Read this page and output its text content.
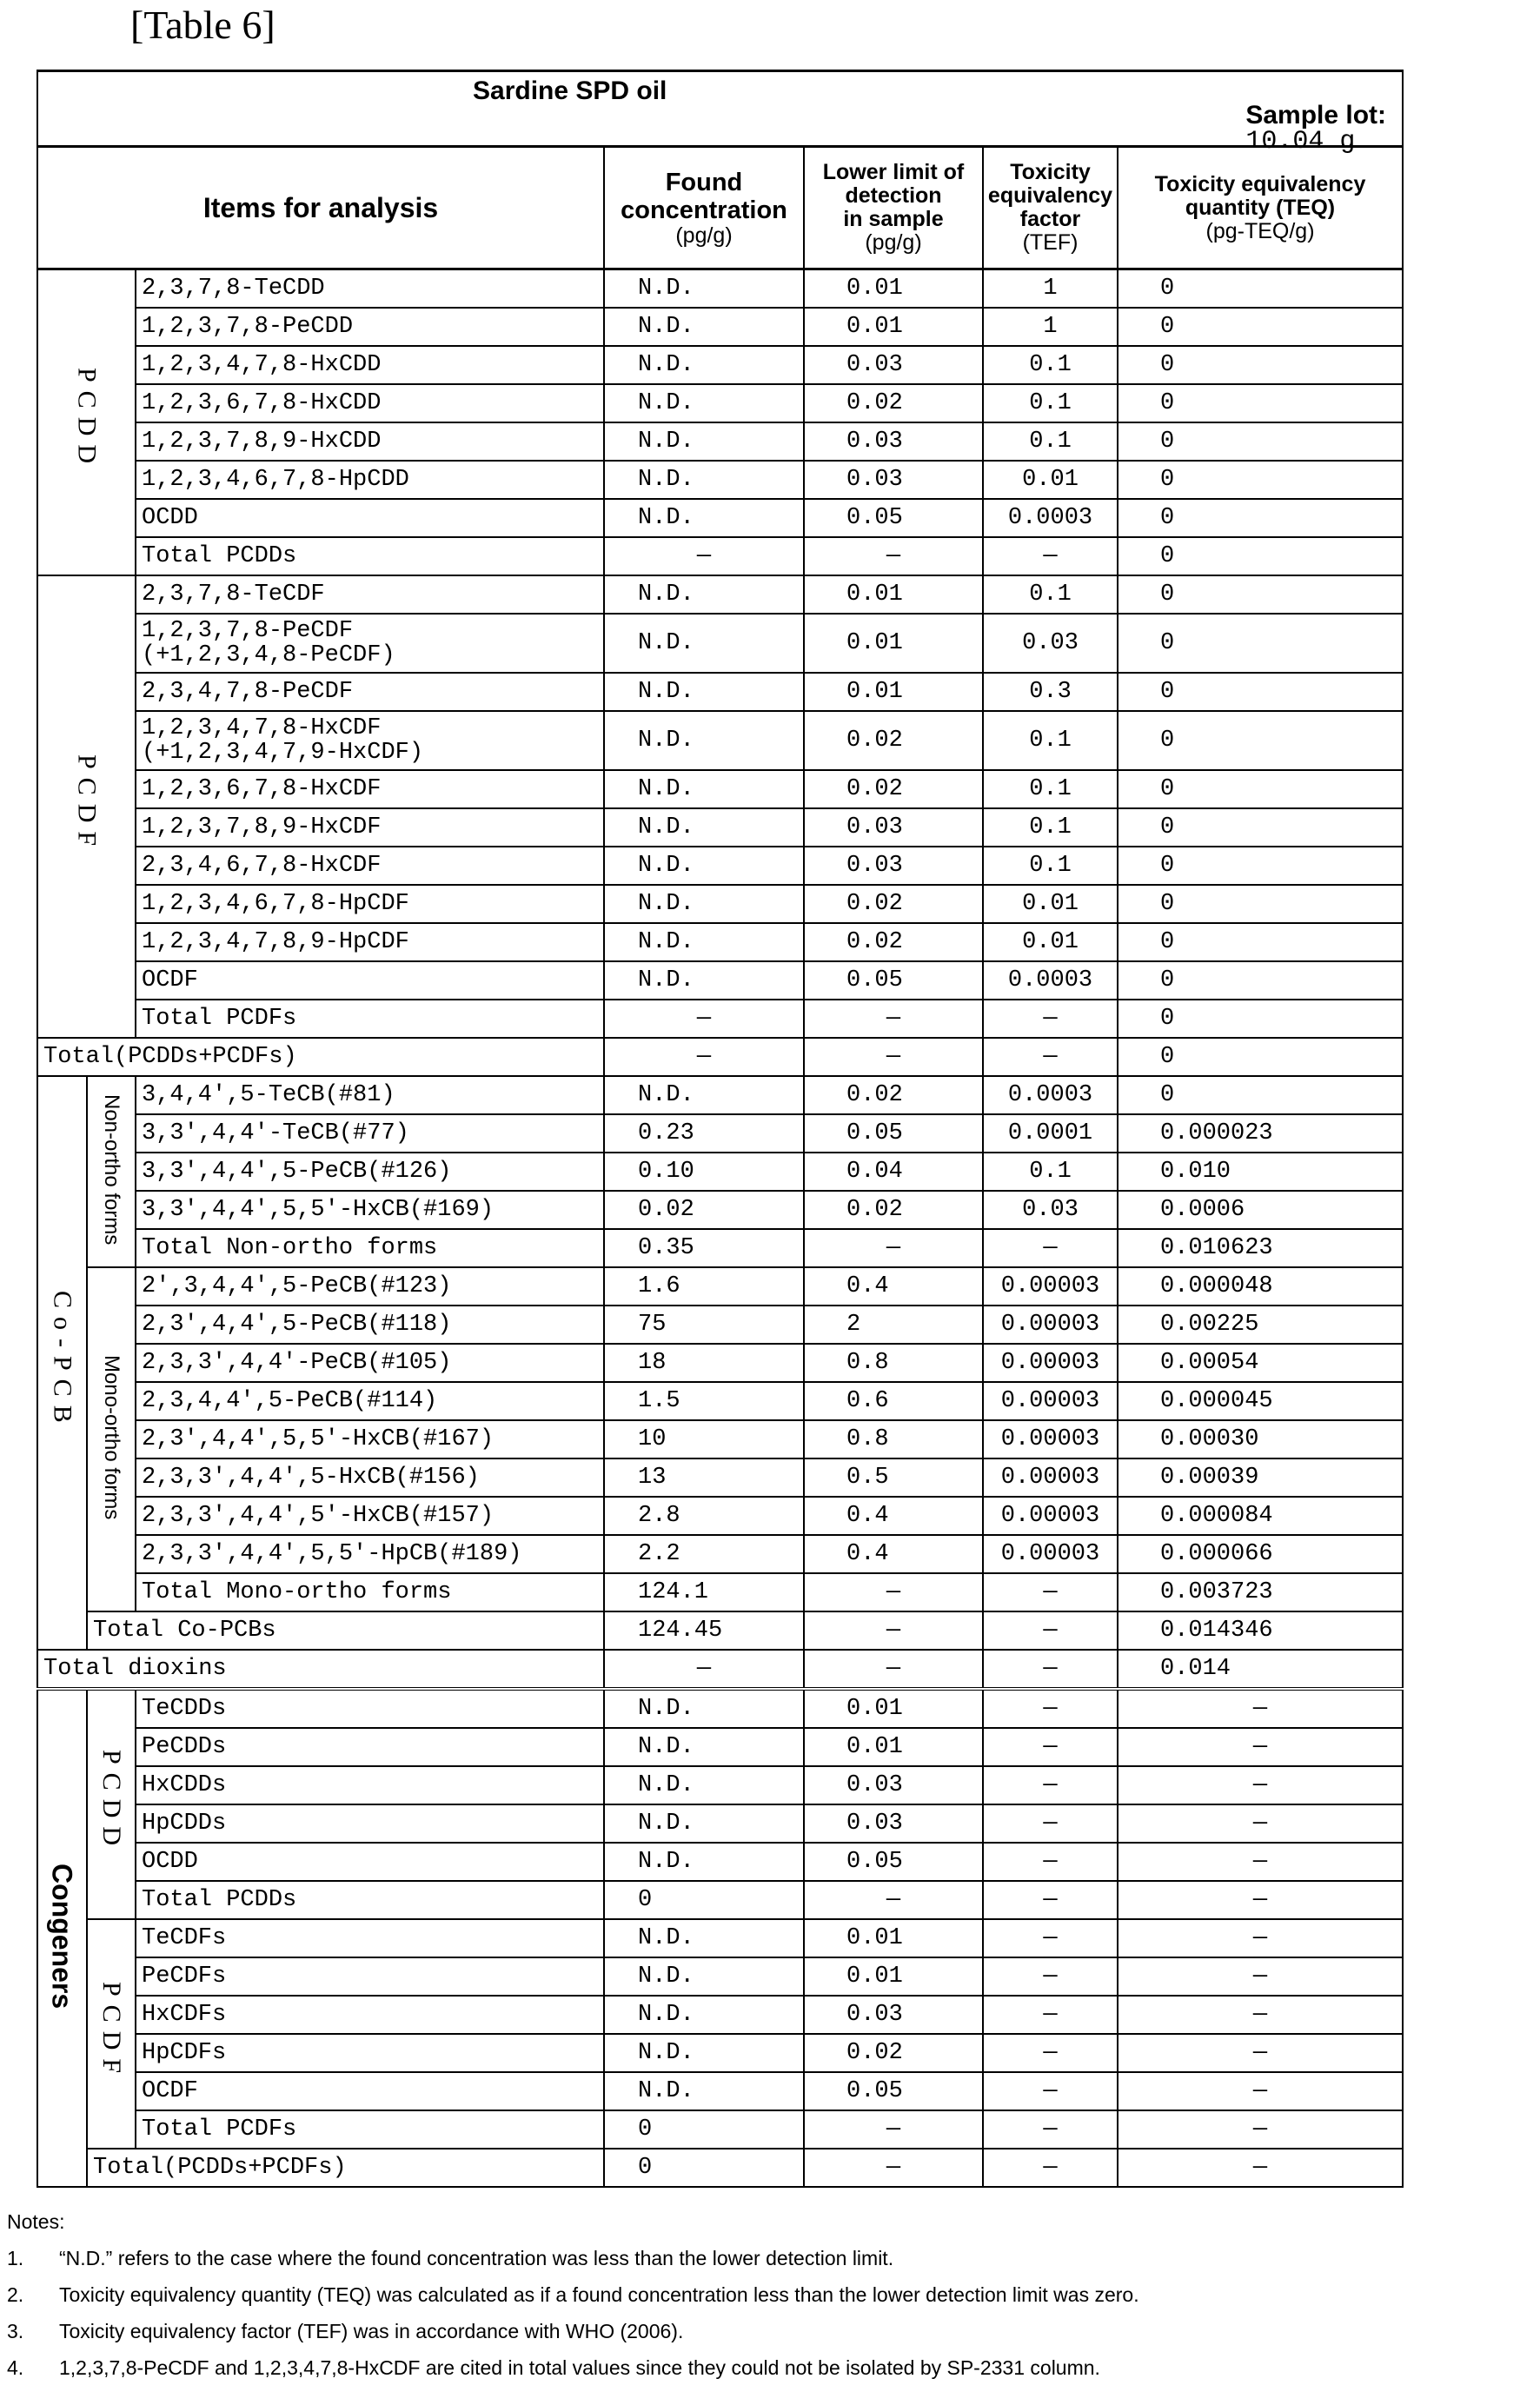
[Table 6]

Sardine SPD oil

Sample lot:
10.04 g

Items for analysis	
Found
concentration
(pg/g)

Lower limit of
detection
in sample
(pg/g)

Toxicity
equivalency
factor
(TEF)

Toxicity equivalency
quantity (TEQ)
(pg-TEQ/g)

PCDD	2,3,7,8-TeCDD	N.D.	0.01	1	0
1,2,3,7,8-PeCDD	N.D.	0.01	1	0
1,2,3,4,7,8-HxCDD	N.D.	0.03	0.1	0
1,2,3,6,7,8-HxCDD	N.D.	0.02	0.1	0
1,2,3,7,8,9-HxCDD	N.D.	0.03	0.1	0
1,2,3,4,6,7,8-HpCDD	N.D.	0.03	0.01	0
OCDD	N.D.	0.05	0.0003	0
Total PCDDs	—	—	—	0
PCDF	2,3,7,8-TeCDF	N.D.	0.01	0.1	0
1,2,3,7,8-PeCDF
(+1,2,3,4,8-PeCDF)	N.D.	0.01	0.03	0
2,3,4,7,8-PeCDF	N.D.	0.01	0.3	0
1,2,3,4,7,8-HxCDF
(+1,2,3,4,7,9-HxCDF)	N.D.	0.02	0.1	0
1,2,3,6,7,8-HxCDF	N.D.	0.02	0.1	0
1,2,3,7,8,9-HxCDF	N.D.	0.03	0.1	0
2,3,4,6,7,8-HxCDF	N.D.	0.03	0.1	0
1,2,3,4,6,7,8-HpCDF	N.D.	0.02	0.01	0
1,2,3,4,7,8,9-HpCDF	N.D.	0.02	0.01	0
OCDF	N.D.	0.05	0.0003	0
Total PCDFs	—	—	—	0
Total(PCDDs+PCDFs)	—	—	—	0
Co-PCB	Non-ortho forms	3,4,4',5-TeCB(#81)	N.D.	0.02	0.0003	0
3,3',4,4'-TeCB(#77)	0.23	0.05	0.0001	0.000023
3,3',4,4',5-PeCB(#126)	0.10	0.04	0.1	0.010
3,3',4,4',5,5'-HxCB(#169)	0.02	0.02	0.03	0.0006
Total Non-ortho forms	0.35	—	—	0.010623
Mono-ortho forms	2',3,4,4',5-PeCB(#123)	1.6	0.4	0.00003	0.000048
2,3',4,4',5-PeCB(#118)	75	2	0.00003	0.00225
2,3,3',4,4'-PeCB(#105)	18	0.8	0.00003	0.00054
2,3,4,4',5-PeCB(#114)	1.5	0.6	0.00003	0.000045
2,3',4,4',5,5'-HxCB(#167)	10	0.8	0.00003	0.00030
2,3,3',4,4',5-HxCB(#156)	13	0.5	0.00003	0.00039
2,3,3',4,4',5'-HxCB(#157)	2.8	0.4	0.00003	0.000084
2,3,3',4,4',5,5'-HpCB(#189)	2.2	0.4	0.00003	0.000066
Total Mono-ortho forms	124.1	—	—	0.003723
Total Co-PCBs	124.45	—	—	0.014346
Total dioxins	—	—	—	0.014
Congeners	PCDD	TeCDDs	N.D.	0.01	—	—
PeCDDs	N.D.	0.01	—	—
HxCDDs	N.D.	0.03	—	—
HpCDDs	N.D.	0.03	—	—
OCDD	N.D.	0.05	—	—
Total PCDDs	0	—	—	—
PCDF	TeCDFs	N.D.	0.01	—	—
PeCDFs	N.D.	0.01	—	—
HxCDFs	N.D.	0.03	—	—
HpCDFs	N.D.	0.02	—	—
OCDF	N.D.	0.05	—	—
Total PCDFs	0	—	—	—
Total(PCDDs+PCDFs)	0	—	—	—
Notes:
1. “N.D.” refers to the case where the found concentration was less than the lower detection limit.
2. Toxicity equivalency quantity (TEQ) was calculated as if a found concentration less than the lower detection limit was zero.
3. Toxicity equivalency factor (TEF) was in accordance with WHO (2006).
4. 1,2,3,7,8-PeCDF and 1,2,3,4,7,8-HxCDF are cited in total values since they could not be isolated by SP-2331 column.
